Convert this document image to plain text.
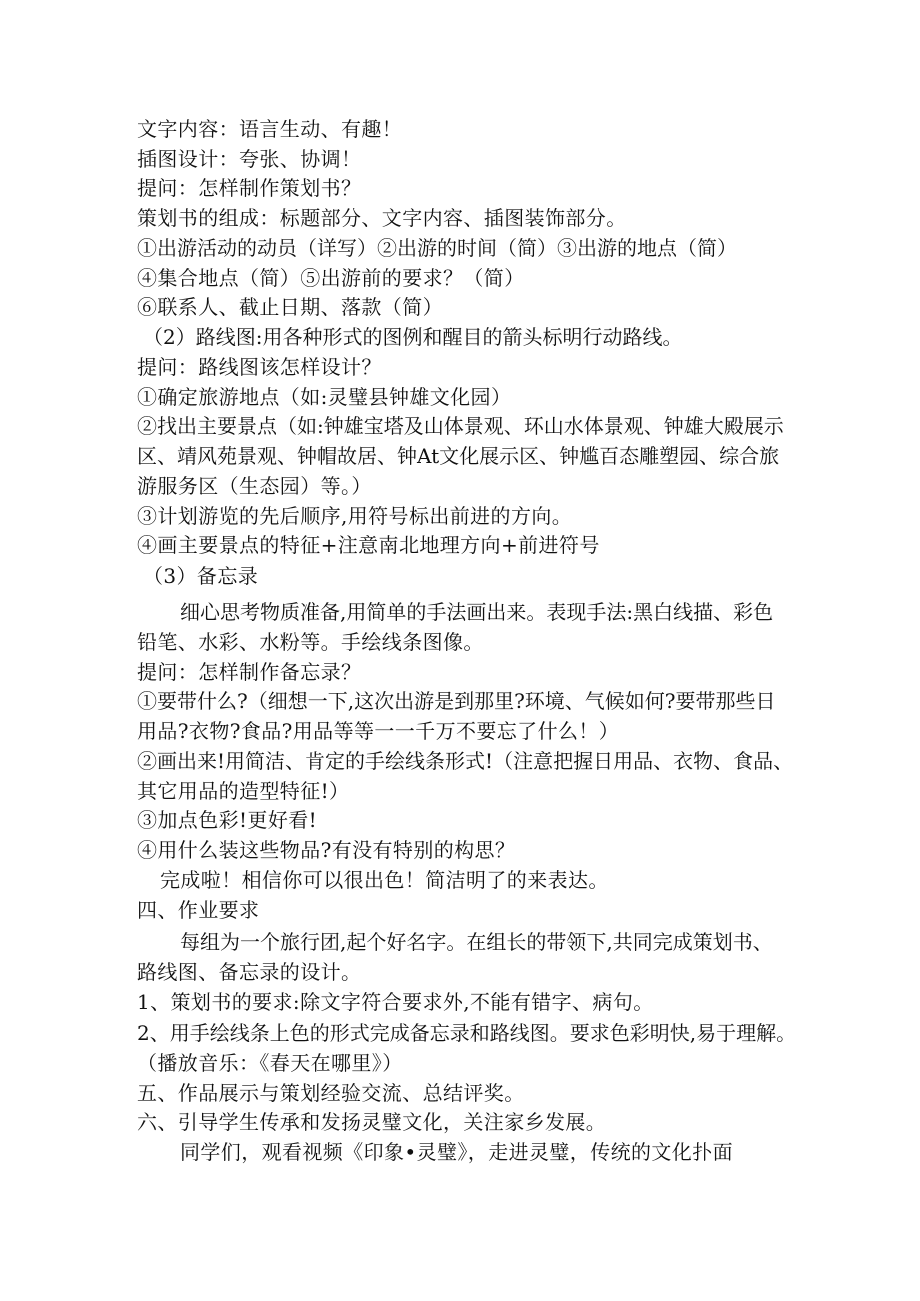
文字内容：语言生动、有趣！
插图设计：夸张、协调！
提问：怎样制作策划书？
策划书的组成：标题部分、文字内容、插图装饰部分。
①出游活动的动员（详写）②出游的时间（简）③出游的地点（简）
④集合地点（简）⑤出游前的要求？（简）
⑥联系人、截止日期、落款（简）
（2）路线图:用各种形式的图例和醒目的箭头标明行动路线。
提问：路线图该怎样设计？
①确定旅游地点（如:灵璧县钟雄文化园）
②找出主要景点（如:钟雄宝塔及山体景观、环山水体景观、钟雄大殿展示
区、靖风苑景观、钟帽故居、钟At文化展示区、钟尴百态雕塑园、综合旅
游服务区（生态园）等。）
③计划游览的先后顺序,用符号标出前进的方向。
④画主要景点的特征+注意南北地理方向+前进符号
（3）备忘录
细心思考物质准备,用简单的手法画出来。表现手法:黑白线描、彩色
铅笔、水彩、水粉等。手绘线条图像。
提问：怎样制作备忘录？
①要带什么?（细想一下,这次出游是到那里?环境、气候如何?要带那些日
用品?衣物?食品?用品等等一一千万不要忘了什么！）
②画出来!用简洁、肯定的手绘线条形式!（注意把握日用品、衣物、食品、
其它用品的造型特征!）
③加点色彩!更好看!
④用什么装这些物品?有没有特别的构思？
完成啦！相信你可以很出色！简洁明了的来表达。
四、作业要求
每组为一个旅行团,起个好名字。在组长的带领下,共同完成策划书、
路线图、备忘录的设计。
1、策划书的要求:除文字符合要求外,不能有错字、病句。
2、用手绘线条上色的形式完成备忘录和路线图。要求色彩明快,易于理解。
（播放音乐：《春天在哪里》）
五、作品展示与策划经验交流、总结评奖。
六、引导学生传承和发扬灵璧文化，关注家乡发展。
同学们，观看视频《印象•灵璧》，走进灵璧，传统的文化扑面
